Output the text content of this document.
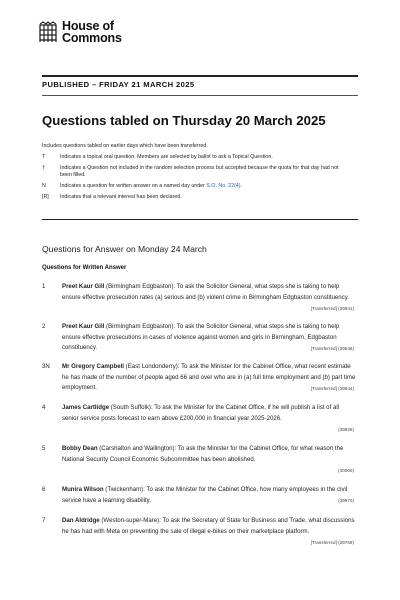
House of
Commons
PUBLISHED – FRIDAY 21 MARCH 2025
Questions tabled on Thursday 20 March 2025
Includes questions tabled on earlier days which have been transferred.
T	Indicates a topical oral question. Members are selected by ballot to ask a Topical Question.
†	Indicates a Question not included in the random selection process but accepted because the quota for that day had not been filled.
N	Indicates a question for written answer on a named day under S.O. No. 22(4).
[R]	Indicates that a relevant interest has been declared.
Questions for Answer on Monday 24 March
Questions for Written Answer
1	Preet Kaur Gill (Birmingham Edgbaston): To ask the Solicitor General, what steps she is taking to help ensure effective prosecution rates (a) serious and (b) violent crime in Birmingham Edgbaston constituency.
[Transferred] (39541)
2	Preet Kaur Gill (Birmingham Edgbaston): To ask the Solicitor General, what steps she is taking to help ensure effective prosecutions in cases of violence against women and girls in Birmingham, Edgbaston constituency.	[Transferred] (39546)
3N	Mr Gregory Campbell (East Londonderry): To ask the Minister for the Cabinet Office, what recent estimate he has made of the number of people aged 66 and over who are in (a) full time employment and (b) part time employment.	[Transferred] (38944)
4	James Cartlidge (South Suffolk): To ask the Minister for the Cabinet Office, if he will publish a list of all senior service posts forecast to earn above £200,000 in financial year 2025-2026.
(39926)
5	Bobby Dean (Carshalton and Wallington): To ask the Minister for the Cabinet Office, for what reason the National Security Council Economic Subcommittee has been abolished.
(40000)
6	Munira Wilson (Twickenham): To ask the Minister for the Cabinet Office, how many employees in the civil service have a learning disability.	(39970)
7	Dan Aldridge (Weston-super-Mare): To ask the Secretary of State for Business and Trade, what discussions he has had with Meta on preventing the sale of illegal e-bikes on their marketplace platform.
[Transferred] (39769)
